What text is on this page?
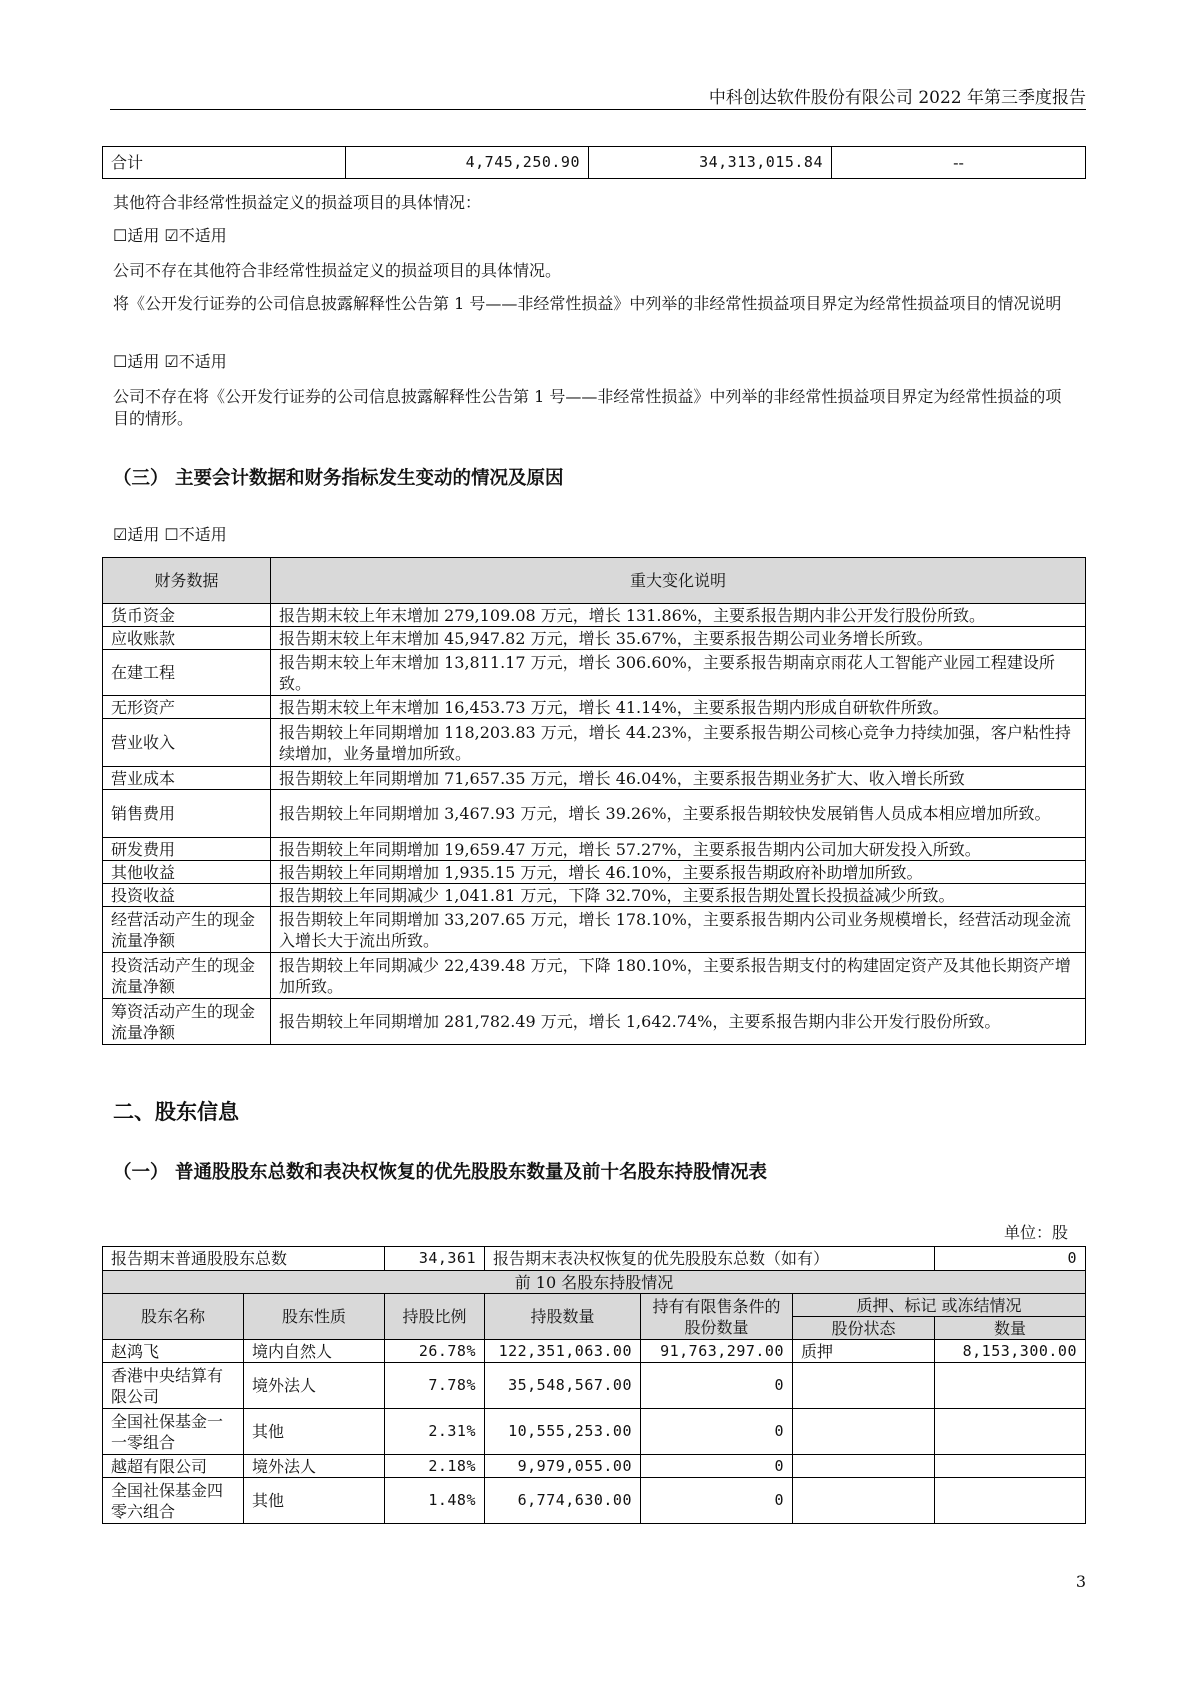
中科创达软件股份有限公司 2022 年第三季度报告
合计	4,745,250.90	34,313,015.84	--
其他符合非经常性损益定义的损益项目的具体情况：
☐适用 ☑不适用
公司不存在其他符合非经常性损益定义的损益项目的具体情况。
将《公开发行证券的公司信息披露解释性公告第 1 号——非经常性损益》中列举的非经常性损益项目界定为经常性损益项目的情况说明
☐适用 ☑不适用
公司不存在将《公开发行证券的公司信息披露解释性公告第 1 号——非经常性损益》中列举的非经常性损益项目界定为经常性损益的项目的情形。
（三） 主要会计数据和财务指标发生变动的情况及原因
☑适用 ☐不适用
财务数据	重大变化说明
货币资金	报告期末较上年末增加 279,109.08 万元，增长 131.86%，主要系报告期内非公开发行股份所致。
应收账款	报告期末较上年末增加 45,947.82 万元，增长 35.67%，主要系报告期公司业务增长所致。
在建工程	报告期末较上年末增加 13,811.17 万元，增长 306.60%，主要系报告期南京雨花人工智能产业园工程建设所致。
无形资产	报告期末较上年末增加 16,453.73 万元，增长 41.14%，主要系报告期内形成自研软件所致。
营业收入	报告期较上年同期增加 118,203.83 万元，增长 44.23%，主要系报告期公司核心竞争力持续加强，客户粘性持续增加，业务量增加所致。
营业成本	报告期较上年同期增加 71,657.35 万元，增长 46.04%，主要系报告期业务扩大、收入增长所致
销售费用	报告期较上年同期增加 3,467.93 万元，增长 39.26%，主要系报告期较快发展销售人员成本相应增加所致。
研发费用	报告期较上年同期增加 19,659.47 万元，增长 57.27%，主要系报告期内公司加大研发投入所致。
其他收益	报告期较上年同期增加 1,935.15 万元，增长 46.10%，主要系报告期政府补助增加所致。
投资收益	报告期较上年同期减少 1,041.81 万元，下降 32.70%，主要系报告期处置长投损益减少所致。
经营活动产生的现金流量净额	报告期较上年同期增加 33,207.65 万元，增长 178.10%，主要系报告期内公司业务规模增长，经营活动现金流入增长大于流出所致。
投资活动产生的现金流量净额	报告期较上年同期减少 22,439.48 万元，下降 180.10%，主要系报告期支付的构建固定资产及其他长期资产增加所致。
筹资活动产生的现金流量净额	报告期较上年同期增加 281,782.49 万元，增长 1,642.74%，主要系报告期内非公开发行股份所致。
二、股东信息
（一） 普通股股东总数和表决权恢复的优先股股东数量及前十名股东持股情况表
单位：股
报告期末普通股股东总数		34,361	报告期末表决权恢复的优先股股东总数（如有）			0
前 10 名股东持股情况						
股东名称	股东性质	持股比例	持股数量	持有有限售条件的股份数量	质押、标记 或冻结情况	
					股份状态	数量
赵鸿飞	境内自然人	26.78%	122,351,063.00	91,763,297.00	质押	8,153,300.00
香港中央结算有限公司	境外法人	7.78%	35,548,567.00	0		
全国社保基金一一零组合	其他	2.31%	10,555,253.00	0		
越超有限公司	境外法人	2.18%	9,979,055.00	0		
全国社保基金四零六组合	其他	1.48%	6,774,630.00	0		
3
